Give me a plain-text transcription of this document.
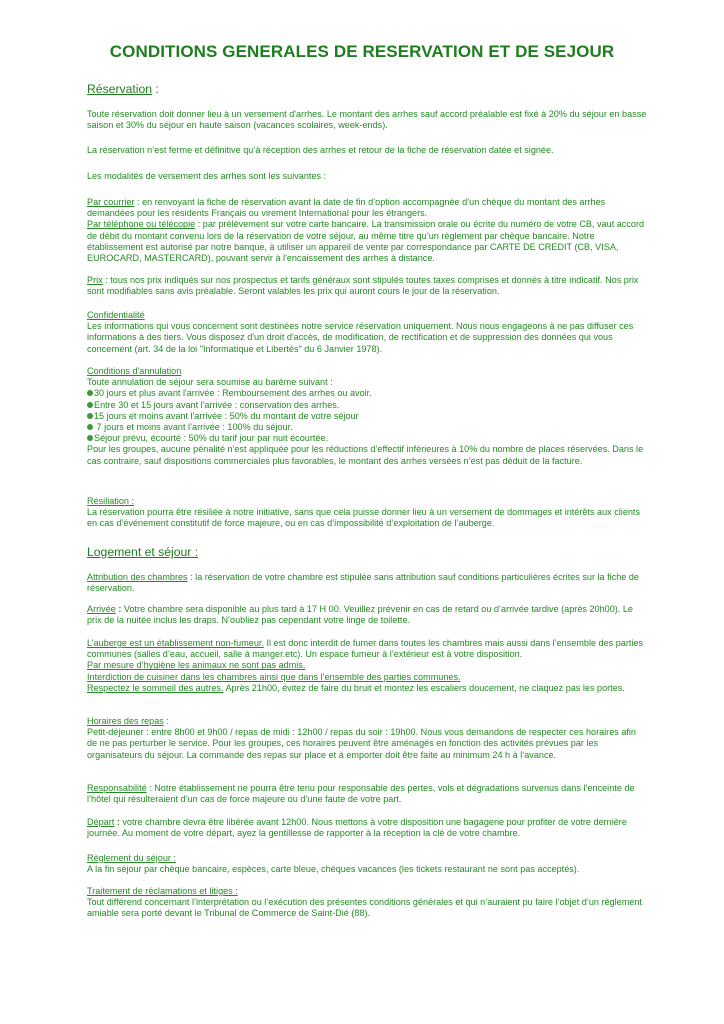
CONDITIONS GENERALES DE RESERVATION ET DE SEJOUR
Réservation :

Toute réservation doit donner lieu à un versement d'arrhes. Le montant des arrhes sauf accord préalable est fixé à 20% du séjour en basse saison et 30% du séjour en haute saison (vacances scolaires, week-ends).

La réservation n’est ferme et définitive qu’à réception des arrhes et retour de la fiche de réservation datée et signée.

Les modalités de versement des arrhes sont les suivantes :

Par courrier : en renvoyant la fiche de réservation avant la date de fin d’option accompagnée d’un chèque du montant des arrhes demandées pour les résidents Français ou virement International pour les étrangers.

Par téléphone ou télécopie : par prélèvement sur votre carte bancaire. La transmission orale ou écrite du numéro de votre CB, vaut accord de débit du montant convenu lors de la réservation de votre séjour, au même titre qu’un règlement par chèque bancaire. Notre établissement est autorisé par notre banque, à utiliser un appareil de vente par correspondance par CARTE DE CREDIT (CB, VISA, EUROCARD, MASTERCARD), pouvant servir à l'encaissement des arrhes à distance.

Prix : tous nos prix indiqués sur nos prospectus et tarifs généraux sont stipulés toutes taxes comprises et donnés à titre indicatif. Nos prix sont modifiables sans avis préalable. Seront valables les prix qui auront cours le jour de la réservation.

Confidentialité

Les informations qui vous concernent sont destinées notre service réservation uniquement. Nous nous engageons à ne pas diffuser ces informations à des tiers. Vous disposez d'un droit d'accès, de modification, de rectification et de suppression des données qui vous concernent (art. 34 de la loi "Informatique et Libertés" du 6 Janvier 1978).

Conditions d'annulation

Toute annulation de séjour sera soumise au barème suivant :

30 jours et plus avant l'arrivée : Remboursement des arrhes ou avoir.

Entre 30 et 15 jours avant l'arrivée : conservation des arrhes.

15 jours et moins avant l'arrivée : 50% du montant de votre séjour

7 jours et moins avant l’arrivée : 100% du séjour.

Séjour prévu, écourté : 50% du tarif jour par nuit écourtée.

Pour les groupes, aucune pénalité n'est appliquée pour les réductions d’effectif inférieures à 10% du nombre de places réservées. Dans le cas contraire, sauf dispositions commerciales plus favorables, le montant des arrhes versées n’est pas déduit de la facture.

Résiliation :

La réservation pourra être résiliée à notre initiative, sans que cela puisse donner lieu à un versement de dommages et intérêts aux clients en cas d’événement constitutif de force majeure, ou en cas d’impossibilité d’exploitation de l’auberge.

Logement et séjour :

Attribution des chambres : la réservation de votre chambre est stipulée sans attribution sauf conditions particulières écrites sur la fiche de réservation.

Arrivée : Votre chambre sera disponible au plus tard à 17 H 00. Veuillez prévenir en cas de retard ou d’arrivée tardive (après 20h00). Le prix de la nuitée inclus les draps. N’oubliez pas cependant votre linge de toilette.

L’auberge est un établissement non-fumeur. Il est donc interdit de fumer dans toutes les chambres mais aussi dans l’ensemble des parties communes (salles d’eau, accueil, salle à manger.etc). Un espace fumeur à l’extérieur est à votre disposition.

Par mesure d’hygiène les animaux ne sont pas admis.

Interdiction de cuisiner dans les chambres ainsi que dans l’ensemble des parties communes.

Respectez le sommeil des autres. Après 21h00, évitez de faire du bruit et montez les escaliers doucement, ne claquez pas les portes.

Horaires des repas :

Petit-déjeuner : entre 8h00 et 9h00 / repas de midi : 12h00 / repas du soir : 19h00. Nous vous demandons de respecter ces horaires afin de ne pas perturber le service. Pour les groupes, ces horaires peuvent être aménagés en fonction des activités prévues par les organisateurs du séjour. La commande des repas sur place et à emporter doit être faite au minimum 24 h à l’avance.

Responsabilité : Notre établissement ne pourra être tenu pour responsable des pertes, vols et dégradations survenus dans l’enceinte de l’hôtel qui résulteraient d’un cas de force majeure ou d’une faute de votre part.

Départ : votre chambre devra être libérée avant 12h00. Nous mettons à votre disposition une bagagerie pour profiter de votre dernière journée. Au moment de votre départ, ayez la gentillesse de rapporter à la réception la clé de votre chambre.

Règlement du séjour :

A la fin séjour par chèque bancaire, espèces, carte bleue, chèques vacances (les tickets restaurant ne sont pas acceptés).

Traitement de réclamations et litiges :

Tout différend concernant l’interprétation ou l’exécution des présentes conditions générales et qui n’auraient pu faire l’objet d’un règlement amiable sera porté devant le Tribunal de Commerce de Saint-Dié (88).
